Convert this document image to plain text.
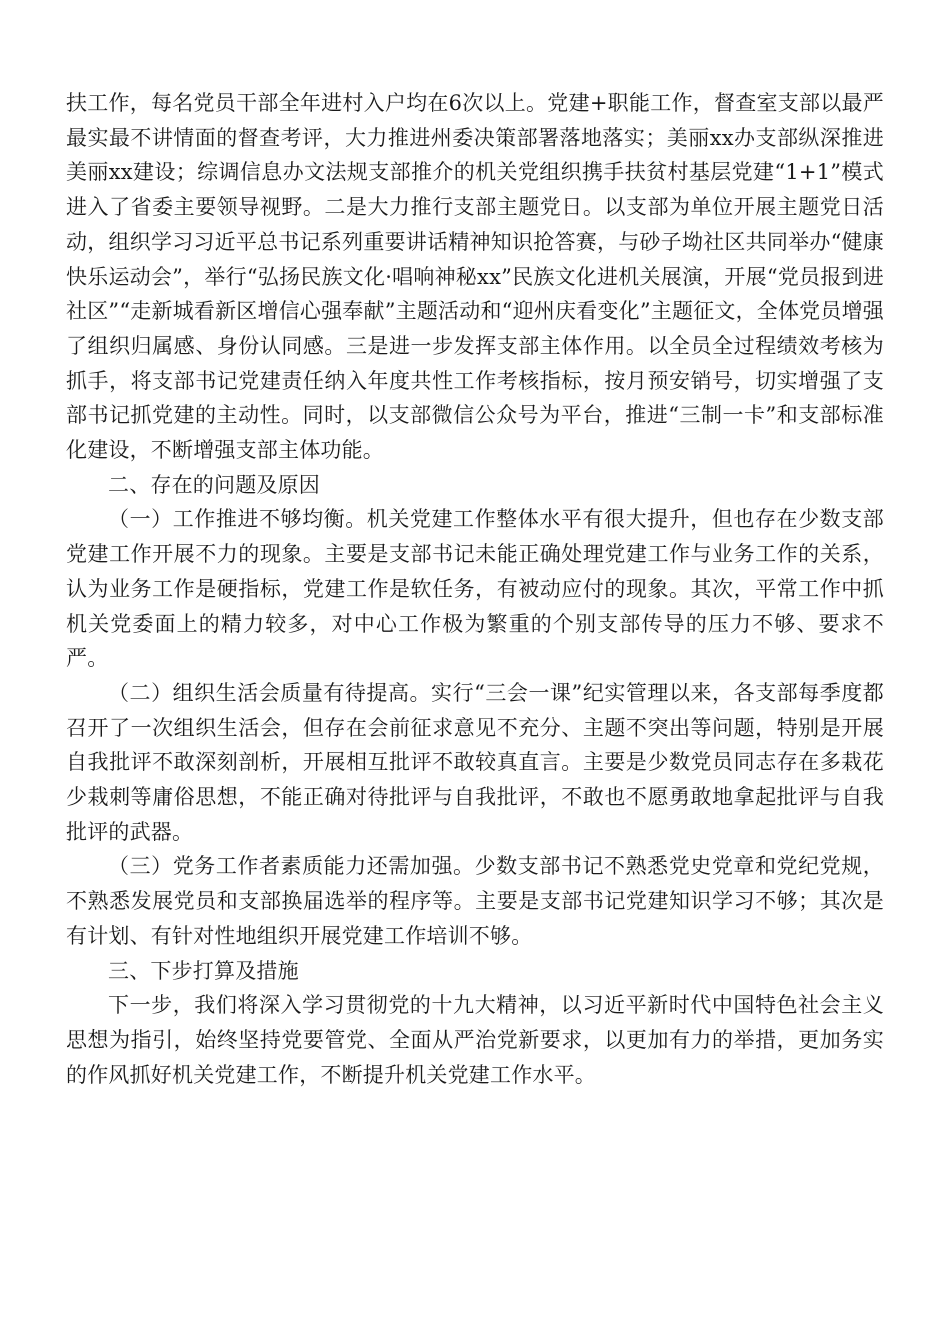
扶工作，每名党员干部全年进村入户均在6次以上。党建+职能工作，督查室支部以最严最实最不讲情面的督查考评，大力推进州委决策部署落地落实；美丽xx办支部纵深推进美丽xx建设；综调信息办文法规支部推介的机关党组织携手扶贫村基层党建“1+1”模式进入了省委主要领导视野。二是大力推行支部主题党日。以支部为单位开展主题党日活动，组织学习习近平总书记系列重要讲话精神知识抢答赛，与砂子坳社区共同举办“健康快乐运动会”，举行“弘扬民族文化·唱响神秘xx”民族文化进机关展演，开展“党员报到进社区”“走新城看新区增信心强奉献”主题活动和“迎州庆看变化”主题征文，全体党员增强了组织归属感、身份认同感。三是进一步发挥支部主体作用。以全员全过程绩效考核为抓手，将支部书记党建责任纳入年度共性工作考核指标，按月预安销号，切实增强了支部书记抓党建的主动性。同时，以支部微信公众号为平台，推进“三制一卡”和支部标准化建设，不断增强支部主体功能。

二、存在的问题及原因

（一）工作推进不够均衡。机关党建工作整体水平有很大提升，但也存在少数支部党建工作开展不力的现象。主要是支部书记未能正确处理党建工作与业务工作的关系，认为业务工作是硬指标，党建工作是软任务，有被动应付的现象。其次，平常工作中抓机关党委面上的精力较多，对中心工作极为繁重的个别支部传导的压力不够、要求不严。

（二）组织生活会质量有待提高。实行“三会一课”纪实管理以来，各支部每季度都召开了一次组织生活会，但存在会前征求意见不充分、主题不突出等问题，特别是开展自我批评不敢深刻剖析，开展相互批评不敢较真直言。主要是少数党员同志存在多栽花少栽刺等庸俗思想，不能正确对待批评与自我批评，不敢也不愿勇敢地拿起批评与自我批评的武器。

（三）党务工作者素质能力还需加强。少数支部书记不熟悉党史党章和党纪党规，不熟悉发展党员和支部换届选举的程序等。主要是支部书记党建知识学习不够；其次是有计划、有针对性地组织开展党建工作培训不够。

三、下步打算及措施

下一步，我们将深入学习贯彻党的十九大精神，以习近平新时代中国特色社会主义思想为指引，始终坚持党要管党、全面从严治党新要求，以更加有力的举措，更加务实的作风抓好机关党建工作，不断提升机关党建工作水平。
